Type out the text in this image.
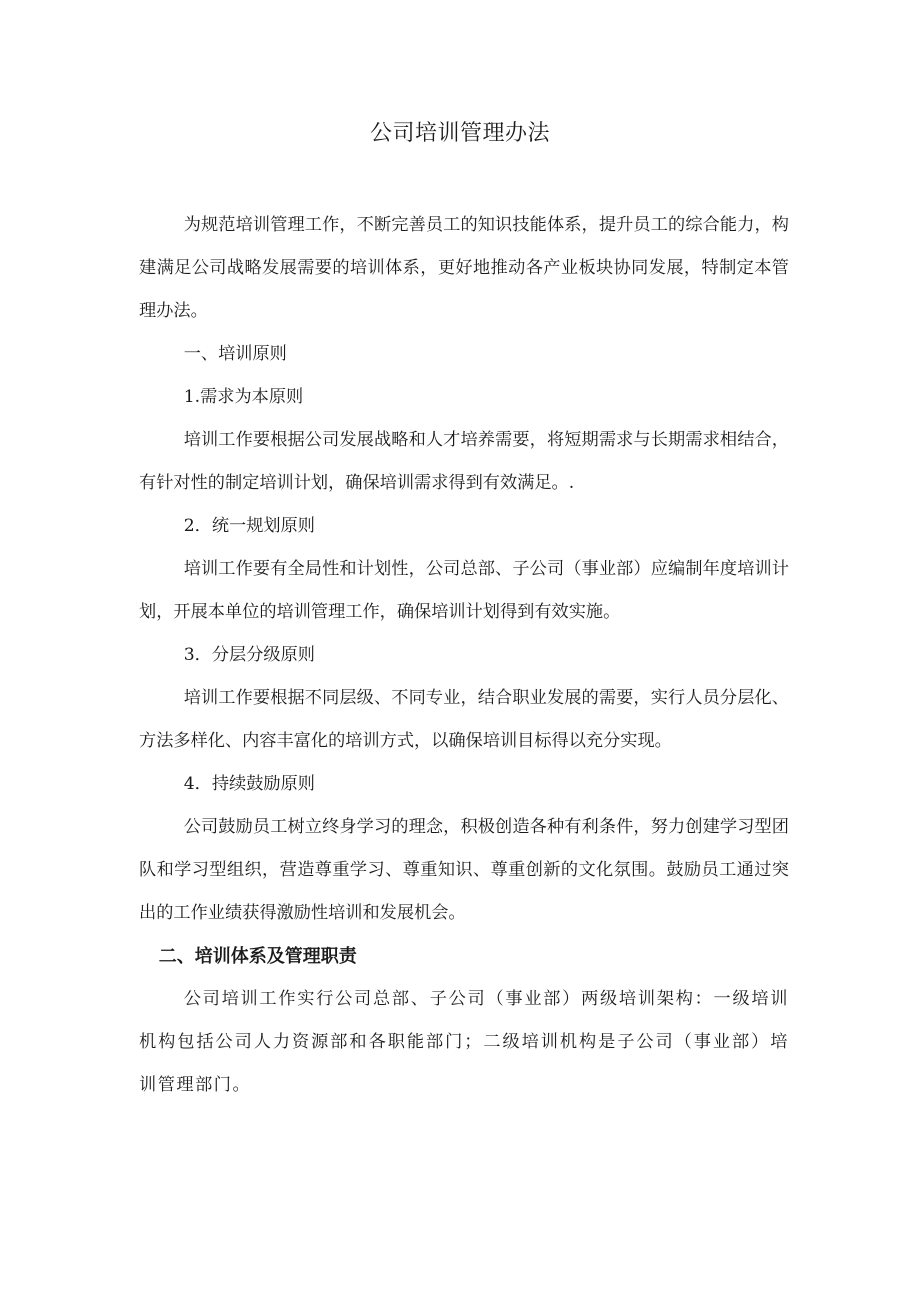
公司培训管理办法

为规范培训管理工作，不断完善员工的知识技能体系，提升员工的综合能力，构建满足公司战略发展需要的培训体系，更好地推动各产业板块协同发展，特制定本管理办法。

一、培训原则

1.需求为本原则

培训工作要根据公司发展战略和人才培养需要，将短期需求与长期需求相结合，有针对性的制定培训计划，确保培训需求得到有效满足。.

2．统一规划原则

培训工作要有全局性和计划性，公司总部、子公司（事业部）应编制年度培训计划，开展本单位的培训管理工作，确保培训计划得到有效实施。

3．分层分级原则

培训工作要根据不同层级、不同专业，结合职业发展的需要，实行人员分层化、方法多样化、内容丰富化的培训方式，以确保培训目标得以充分实现。

4．持续鼓励原则

公司鼓励员工树立终身学习的理念，积极创造各种有利条件，努力创建学习型团队和学习型组织，营造尊重学习、尊重知识、尊重创新的文化氛围。鼓励员工通过突出的工作业绩获得激励性培训和发展机会。

二、培训体系及管理职责

公司培训工作实行公司总部、子公司（事业部）两级培训架构：一级培训机构包括公司人力资源部和各职能部门；二级培训机构是子公司（事业部）培训管理部门。
